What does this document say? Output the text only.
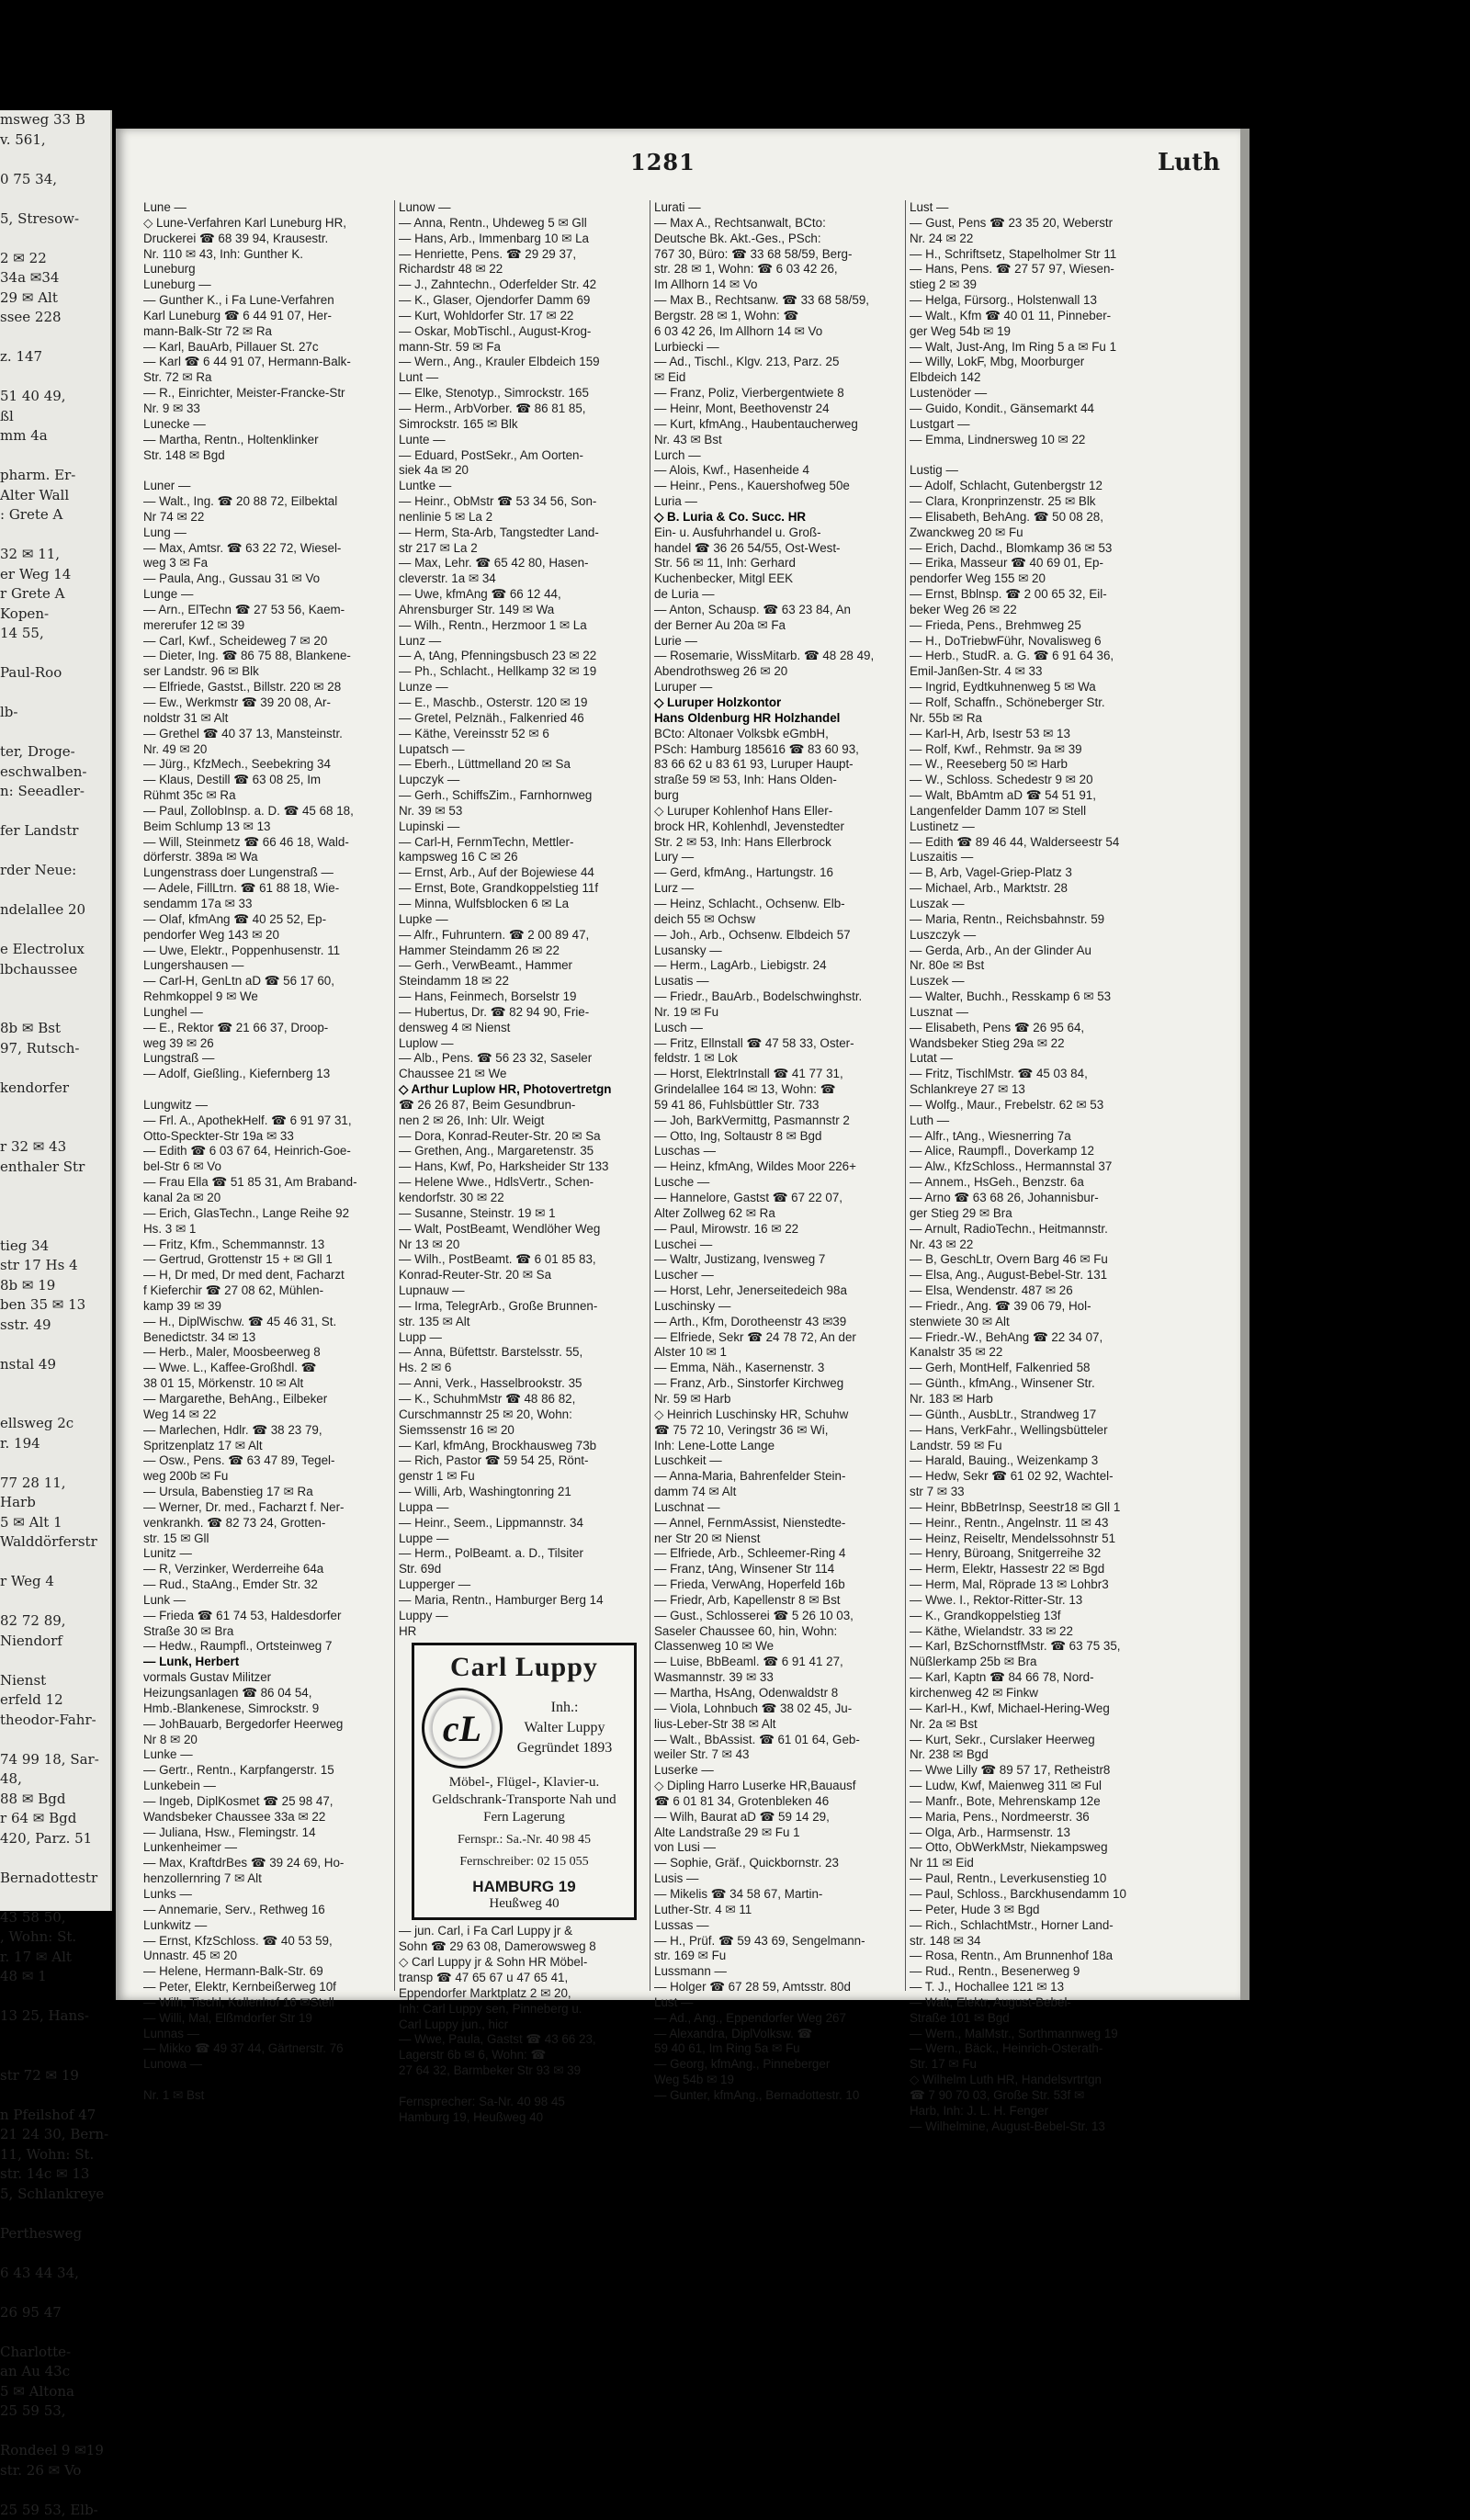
msweg 33 B
v. 561,

0 75 34,

5, Stresow-

2 ✉ 22
34a ✉34
29 ✉ Alt
ssee 228

z. 147

51 40 49,
ßl
mm 4a

pharm. Er-
Alter Wall
: Grete A

32 ✉ 11,
er Weg 14
r Grete A
Kopen-
14 55,

Paul-Roo

lb-

ter, Droge-
eschwalben-
n: Seeadler-

fer Landstr

rder Neue:

ndelallee 20

e Electrolux
lbchaussee

8b ✉ Bst
97, Rutsch-

kendorfer

r 32 ✉ 43
enthaler Str

tieg 34
str 17 Hs 4
8b ✉ 19
ben 35 ✉ 13
sstr. 49

nstal 49

ellsweg 2c
r. 194

77 28 11,
Harb
5 ✉ Alt 1
Walddörferstr

r Weg 4

82 72 89,
Niendorf

Nienst
erfeld 12
theodor-Fahr-

74 99 18, Sar-
48,
88 ✉ Bgd
r 64 ✉ Bgd
420, Parz. 51

Bernadottestr

43 58 50,
, Wohn: St.
r. 17 ✉ Alt
48 ✉ 1

13 25, Hans-

str 72 ✉ 19

n Pfeilshof 47
21 24 30, Bern-
11, Wohn: St.
str. 14c ✉ 13
5, Schlankreye

Perthesweg

6 43 44 34,

26 95 47

Charlotte-
an Au 43c
5 ✉ Altona
25 59 53,

Rondeel 9 ✉19
str. 26 ✉ Vo

25 59 53, Elb-
1281	Luth
Lune —
◇ Lune-Verfahren Karl Luneburg HR,
Druckerei ☎ 68 39 94, Krausestr.
Nr. 110 ✉ 43, Inh: Gunther K.
Luneburg
Luneburg —
— Gunther K., i Fa Lune-Verfahren
Karl Luneburg ☎ 6 44 91 07, Her-
mann-Balk-Str 72 ✉ Ra
— Karl, BauArb, Pillauer St. 27c
— Karl ☎ 6 44 91 07, Hermann-Balk-
Str. 72 ✉ Ra
— R., Einrichter, Meister-Francke-Str
Nr. 9 ✉ 33
Lunecke —
— Martha, Rentn., Holtenklinker
Str. 148 ✉ Bgd

Luner —
— Walt., Ing. ☎ 20 88 72, Eilbektal
Nr 74 ✉ 22
Lung —
— Max, Amtsr. ☎ 63 22 72, Wiesel-
weg 3 ✉ Fa
— Paula, Ang., Gussau 31 ✉ Vo
Lunge —
— Arn., ElTechn ☎ 27 53 56, Kaem-
mererufer 12 ✉ 39
— Carl, Kwf., Scheideweg 7 ✉ 20
— Dieter, Ing. ☎ 86 75 88, Blankene-
ser Landstr. 96 ✉ Blk
— Elfriede, Gastst., Billstr. 220 ✉ 28
— Ew., Werkmstr ☎ 39 20 08, Ar-
noldstr 31 ✉ Alt
— Grethel ☎ 40 37 13, Mansteinstr.
Nr. 49 ✉ 20
— Jürg., KfzMech., Seebekring 34
— Klaus, Destill ☎ 63 08 25, Im
Rühmt 35c ✉ Ra
— Paul, ZollobInsp. a. D. ☎ 45 68 18,
Beim Schlump 13 ✉ 13
— Will, Steinmetz ☎ 66 46 18, Wald-
dörferstr. 389a ✉ Wa
Lungenstrass doer Lungenstraß —
— Adele, FillLtrn. ☎ 61 88 18, Wie-
sendamm 17a ✉ 33
— Olaf, kfmAng ☎ 40 25 52, Ep-
pendorfer Weg 143 ✉ 20
— Uwe, Elektr., Poppenhusenstr. 11
Lungershausen —
— Carl-H, GenLtn aD ☎ 56 17 60,
Rehmkoppel 9 ✉ We
Lunghel —
— E., Rektor ☎ 21 66 37, Droop-
weg 39 ✉ 26
Lungstraß —
— Adolf, Gießling., Kiefernberg 13

Lungwitz —
— Frl. A., ApothekHelf. ☎ 6 91 97 31,
Otto-Speckter-Str 19a ✉ 33
— Edith ☎ 6 03 67 64, Heinrich-Goe-
bel-Str 6 ✉ Vo
— Frau Ella ☎ 51 85 31, Am Braband-
kanal 2a ✉ 20
— Erich, GlasTechn., Lange Reihe 92
Hs. 3 ✉ 1
— Fritz, Kfm., Schemmannstr. 13
— Gertrud, Grottenstr 15 + ✉ Gll 1
— H, Dr med, Dr med dent, Facharzt
f Kieferchir ☎ 27 08 62, Mühlen-
kamp 39 ✉ 39
— H., DiplWischw. ☎ 45 46 31, St.
Benedictstr. 34 ✉ 13
— Herb., Maler, Moosbeerweg 8
— Wwe. L., Kaffee-Großhdl. ☎
38 01 15, Mörkenstr. 10 ✉ Alt
— Margarethe, BehAng., Eilbeker
Weg 14 ✉ 22
— Marlechen, Hdlr. ☎ 38 23 79,
Spritzenplatz 17 ✉ Alt
— Osw., Pens. ☎ 63 47 89, Tegel-
weg 200b ✉ Fu
— Ursula, Babenstieg 17 ✉ Ra
— Werner, Dr. med., Facharzt f. Ner-
venkrankh. ☎ 82 73 24, Grotten-
str. 15 ✉ Gll
Lunitz —
— R, Verzinker, Werderreihe 64a
— Rud., StaAng., Emder Str. 32
Lunk —
— Frieda ☎ 61 74 53, Haldesdorfer
Straße 30 ✉ Bra
— Hedw., Raumpfl., Ortsteinweg 7
— Lunk, Herbert
vormals Gustav Militzer
Heizungsanlagen ☎ 86 04 54,
Hmb.-Blankenese, Simrockstr. 9
— JohBauarb, Bergedorfer Heerweg
Nr 8 ✉ 20
Lunke —
— Gertr., Rentn., Karpfangerstr. 15
Lunkebein —
— Ingeb, DiplKosmet ☎ 25 98 47,
Wandsbeker Chaussee 33a ✉ 22
— Juliana, Hsw., Flemingstr. 14
Lunkenheimer —
— Max, KraftdrBes ☎ 39 24 69, Ho-
henzollernring 7 ✉ Alt
Lunks —
— Annemarie, Serv., Rethweg 16
Lunkwitz —
— Ernst, KfzSchloss. ☎ 40 53 59,
Unnastr. 45 ✉ 20
— Helene, Hermann-Balk-Str. 69
— Peter, Elektr, Kernbeißerweg 10f
— Wilh, Tischl, Kollenhof 16 ✉Stell
— Willi, Mal, Elßmdorfer Str 19
Lunnas —
— Mikko ☎ 49 37 44, Gärtnerstr. 76
Lunowa —
— Valentin, Klempn., Danckwerthweg
Nr. 1 ✉ Bst
Lunow —
— Anna, Rentn., Uhdeweg 5 ✉ Gll
— Hans, Arb., Immenbarg 10 ✉ La
— Henriette, Pens. ☎ 29 29 37,
Richardstr 48 ✉ 22
— J., Zahntechn., Oderfelder Str. 42
— K., Glaser, Ojendorfer Damm 69
— Kurt, Wohldorfer Str. 17 ✉ 22
— Oskar, MobTischl., August-Krog-
mann-Str. 59 ✉ Fa
— Wern., Ang., Krauler Elbdeich 159
Lunt —
— Elke, Stenotyp., Simrockstr. 165
— Herm., ArbVorber. ☎ 86 81 85,
Simrockstr. 165 ✉ Blk
Lunte —
— Eduard, PostSekr., Am Oorten-
siek 4a ✉ 20
Luntke —
— Heinr., ObMstr ☎ 53 34 56, Son-
nenlinie 5 ✉ La 2
— Herm, Sta-Arb, Tangstedter Land-
str 217 ✉ La 2
— Max, Lehr. ☎ 65 42 80, Hasen-
cleverstr. 1a ✉ 34
— Uwe, kfmAng ☎ 66 12 44,
Ahrensburger Str. 149 ✉ Wa
— Wilh., Rentn., Herzmoor 1 ✉ La
Lunz —
— A, tAng, Pfenningsbusch 23 ✉ 22
— Ph., Schlacht., Hellkamp 32 ✉ 19
Lunze —
— E., Maschb., Osterstr. 120 ✉ 19
— Gretel, Pelznäh., Falkenried 46
— Käthe, Vereinsstr 52 ✉ 6
Lupatsch —
— Eberh., Lüttmelland 20 ✉ Sa
Lupczyk —
— Gerh., SchiffsZim., Farnhornweg
Nr. 39 ✉ 53
Lupinski —
— Carl-H, FernmTechn, Mettler-
kampsweg 16 C ✉ 26
— Ernst, Arb., Auf der Bojewiese 44
— Ernst, Bote, Grandkoppelstieg 11f
— Minna, Wulfsblocken 6 ✉ La
Lupke —
— Alfr., Fuhruntern. ☎ 2 00 89 47,
Hammer Steindamm 26 ✉ 22
— Gerh., VerwBeamt., Hammer
Steindamm 18 ✉ 22
— Hans, Feinmech, Borselstr 19
— Hubertus, Dr. ☎ 82 94 90, Frie-
densweg 4 ✉ Nienst
Luplow —
— Alb., Pens. ☎ 56 23 32, Saseler
Chaussee 21 ✉ We
◇ Arthur Luplow HR, Photovertretgn
☎ 26 26 87, Beim Gesundbrun-
nen 2 ✉ 26, Inh: Ulr. Weigt
— Dora, Konrad-Reuter-Str. 20 ✉ Sa
— Grethen, Ang., Margaretenstr. 35
— Hans, Kwf, Po, Harksheider Str 133
— Helene Wwe., HdlsVertr., Schen-
kendorfstr. 30 ✉ 22
— Susanne, Steinstr. 19 ✉ 1
— Walt, PostBeamt, Wendlöher Weg
Nr 13 ✉ 20
— Wilh., PostBeamt. ☎ 6 01 85 83,
Konrad-Reuter-Str. 20 ✉ Sa
Lupnauw —
— Irma, TelegrArb., Große Brunnen-
str. 135 ✉ Alt
Lupp —
— Anna, Büfettstr. Barstelsstr. 55,
Hs. 2 ✉ 6
— Anni, Verk., Hasselbrookstr. 35
— K., SchuhmMstr ☎ 48 86 82,
Curschmannstr 25 ✉ 20, Wohn:
Siemssenstr 16 ✉ 20
— Karl, kfmAng, Brockhausweg 73b
— Rich, Pastor ☎ 59 54 25, Rönt-
genstr 1 ✉ Fu
— Willi, Arb, Washingtonring 21
Luppa —
— Heinr., Seem., Lippmannstr. 34
Luppe —
— Herm., PolBeamt. a. D., Tilsiter
Str. 69d
Lupperger —
— Maria, Rentn., Hamburger Berg 14
Luppy —
HR
Carl Luppy
cL	Inh.:
Walter Luppy
Gegründet 1893
Möbel-, Flügel-, Klavier-u. Geldschrank-Transporte Nah und Fern Lagerung
Fernspr.: Sa.-Nr. 40 98 45
Fernschreiber: 02 15 055
HAMBURG 19
Heußweg 40
— jun. Carl, i Fa Carl Luppy jr &
Sohn ☎ 29 63 08, Damerowsweg 8
◇ Carl Luppy jr & Sohn HR Möbel-
transp ☎ 47 65 67 u 47 65 41,
Eppendorfer Marktplatz 2 ✉ 20,
Inh: Carl Luppy sen, Pinneberg u.
Carl Luppy jun., hicr
— Wwe, Paula, Gastst ☎ 43 66 23,
Lagerstr 6b ✉ 6, Wohn: ☎
27 64 32, Barmbeker Str 93 ✉ 39
— Luppy, Walter, i. Fa. Carl Luppy,
Fernsprecher: Sa-Nr. 40 98 45
Hamburg 19, Heußweg 40
Lurati —
— Max A., Rechtsanwalt, BCto:
Deutsche Bk. Akt.-Ges., PSch:
767 30, Büro: ☎ 33 68 58/59, Berg-
str. 28 ✉ 1, Wohn: ☎ 6 03 42 26,
Im Allhorn 14 ✉ Vo
— Max B., Rechtsanw. ☎ 33 68 58/59,
Bergstr. 28 ✉ 1, Wohn: ☎
6 03 42 26, Im Allhorn 14 ✉ Vo
Lurbiecki —
— Ad., Tischl., Klgv. 213, Parz. 25
✉ Eid
— Franz, Poliz, Vierbergentwiete 8
— Heinr, Mont, Beethovenstr 24
— Kurt, kfmAng., Haubentaucherweg
Nr. 43 ✉ Bst
Lurch —
— Alois, Kwf., Hasenheide 4
— Heinr., Pens., Kauershofweg 50e
Luria —
◇ B. Luria & Co. Succ. HR
Ein- u. Ausfuhrhandel u. Groß-
handel ☎ 36 26 54/55, Ost-West-
Str. 56 ✉ 11, Inh: Gerhard
Kuchenbecker, Mitgl EEK
de Luria —
— Anton, Schausp. ☎ 63 23 84, An
der Berner Au 20a ✉ Fa
Lurie —
— Rosemarie, WissMitarb. ☎ 48 28 49,
Abendrothsweg 26 ✉ 20
Luruper —
◇ Luruper Holzkontor
Hans Oldenburg HR Holzhandel
BCto: Altonaer Volksbk eGmbH,
PSch: Hamburg 185616 ☎ 83 60 93,
83 66 62 u 83 61 93, Luruper Haupt-
straße 59 ✉ 53, Inh: Hans Olden-
burg
◇ Luruper Kohlenhof Hans Eller-
brock HR, Kohlenhdl, Jevenstedter
Str. 2 ✉ 53, Inh: Hans Ellerbrock
Lury —
— Gerd, kfmAng., Hartungstr. 16
Lurz —
— Heinz, Schlacht., Ochsenw. Elb-
deich 55 ✉ Ochsw
— Joh., Arb., Ochsenw. Elbdeich 57
Lusansky —
— Herm., LagArb., Liebigstr. 24
Lusatis —
— Friedr., BauArb., Bodelschwinghstr.
Nr. 19 ✉ Fu
Lusch —
— Fritz, Ellnstall ☎ 47 58 33, Oster-
feldstr. 1 ✉ Lok
— Horst, ElektrInstall ☎ 41 77 31,
Grindelallee 164 ✉ 13, Wohn: ☎
59 41 86, Fuhlsbüttler Str. 733
— Joh, BarkVermittg, Pasmannstr 2
— Otto, Ing, Soltaustr 8 ✉ Bgd
Luschas —
— Heinz, kfmAng, Wildes Moor 226+
Lusche —
— Hannelore, Gastst ☎ 67 22 07,
Alter Zollweg 62 ✉ Ra
— Paul, Mirowstr. 16 ✉ 22
Luschei —
— Waltr, Justizang, Ivensweg 7
Luscher —
— Horst, Lehr, Jenerseitedeich 98a
Luschinsky —
— Arth., Kfm, Dorotheenstr 43 ✉39
— Elfriede, Sekr ☎ 24 78 72, An der
Alster 10 ✉ 1
— Emma, Näh., Kasernenstr. 3
— Franz, Arb., Sinstorfer Kirchweg
Nr. 59 ✉ Harb
◇ Heinrich Luschinsky HR, Schuhw
☎ 75 72 10, Veringstr 36 ✉ Wi,
Inh: Lene-Lotte Lange
Luschkeit —
— Anna-Maria, Bahrenfelder Stein-
damm 74 ✉ Alt
Luschnat —
— Annel, FernmAssist, Nienstedte-
ner Str 20 ✉ Nienst
— Elfriede, Arb., Schleemer-Ring 4
— Franz, tAng, Winsener Str 114
— Frieda, VerwAng, Hoperfeld 16b
— Friedr, Arb, Kapellenstr 8 ✉ Bst
— Gust., Schlosserei ☎ 5 26 10 03,
Saseler Chaussee 60, hin, Wohn:
Classenweg 10 ✉ We
— Luise, BbBeaml. ☎ 6 91 41 27,
Wasmannstr. 39 ✉ 33
— Martha, HsAng, Odenwaldstr 8
— Viola, Lohnbuch ☎ 38 02 45, Ju-
lius-Leber-Str 38 ✉ Alt
— Walt., BbAssist. ☎ 61 01 64, Geb-
weiler Str. 7 ✉ 43
Luserke —
◇ Dipling Harro Luserke HR,Bauausf
☎ 6 01 81 34, Grotenbleken 46
— Wilh, Baurat aD ☎ 59 14 29,
Alte Landstraße 29 ✉ Fu 1
von Lusi —
— Sophie, Gräf., Quickbornstr. 23
Lusis —
— Mikelis ☎ 34 58 67, Martin-
Luther-Str. 4 ✉ 11
Lussas —
— H., Prüf. ☎ 59 43 69, Sengelmann-
str. 169 ✉ Fu
Lussmann —
— Holger ☎ 67 28 59, Amtsstr. 80d
Lust —
— Ad., Ang., Eppendorfer Weg 267
— Alexandra, DiplVolksw. ☎
59 40 61, Im Ring 5a ✉ Fu
— Georg, kfmAng., Pinneberger
Weg 54b ✉ 19
— Gunter, kfmAng., Bernadottestr. 10
Lust —
— Gust, Pens ☎ 23 35 20, Weberstr
Nr. 24 ✉ 22
— H., Schriftsetz, Stapelholmer Str 11
— Hans, Pens. ☎ 27 57 97, Wiesen-
stieg 2 ✉ 39
— Helga, Fürsorg., Holstenwall 13
— Walt., Kfm ☎ 40 01 11, Pinneber-
ger Weg 54b ✉ 19
— Walt, Just-Ang, Im Ring 5 a ✉ Fu 1
— Willy, LokF, Mbg, Moorburger
Elbdeich 142
Lustenöder —
— Guido, Kondit., Gänsemarkt 44
Lustgart —
— Emma, Lindnersweg 10 ✉ 22

Lustig —
— Adolf, Schlacht, Gutenbergstr 12
— Clara, Kronprinzenstr. 25 ✉ Blk
— Elisabeth, BehAng. ☎ 50 08 28,
Zwanckweg 20 ✉ Fu
— Erich, Dachd., Blomkamp 36 ✉ 53
— Erika, Masseur ☎ 40 69 01, Ep-
pendorfer Weg 155 ✉ 20
— Ernst, Bblnsp. ☎ 2 00 65 32, Eil-
beker Weg 26 ✉ 22
— Frieda, Pens., Brehmweg 25
— H., DoTriebwFühr, Novalisweg 6
— Herb., StudR. a. G. ☎ 6 91 64 36,
Emil-Janßen-Str. 4 ✉ 33
— Ingrid, Eydtkuhnenweg 5 ✉ Wa
— Rolf, Schaffn., Schöneberger Str.
Nr. 55b ✉ Ra
— Karl-H, Arb, Isestr 53 ✉ 13
— Rolf, Kwf., Rehmstr. 9a ✉ 39
— W., Reeseberg 50 ✉ Harb
— W., Schloss. Schedestr 9 ✉ 20
— Walt, BbAmtm aD ☎ 54 51 91,
Langenfelder Damm 107 ✉ Stell
Lustinetz —
— Edith ☎ 89 46 44, Walderseestr 54
Luszaitis —
— B, Arb, Vagel-Griep-Platz 3
— Michael, Arb., Marktstr. 28
Luszak —
— Maria, Rentn., Reichsbahnstr. 59
Luszczyk —
— Gerda, Arb., An der Glinder Au
Nr. 80e ✉ Bst
Luszek —
— Walter, Buchh., Resskamp 6 ✉ 53
Lusznat —
— Elisabeth, Pens ☎ 26 95 64,
Wandsbeker Stieg 29a ✉ 22
Lutat —
— Fritz, TischlMstr. ☎ 45 03 84,
Schlankreye 27 ✉ 13
— Wolfg., Maur., Frebelstr. 62 ✉ 53
Luth —
— Alfr., tAng., Wiesnerring 7a
— Alice, Raumpfl., Doverkamp 12
— Alw., KfzSchloss., Hermannstal 37
— Annem., HsGeh., Benzstr. 6a
— Arno ☎ 63 68 26, Johannisbur-
ger Stieg 29 ✉ Bra
— Arnult, RadioTechn., Heitmannstr.
Nr. 43 ✉ 22
— B, GeschLtr, Overn Barg 46 ✉ Fu
— Elsa, Ang., August-Bebel-Str. 131
— Elsa, Wendenstr. 487 ✉ 26
— Friedr., Ang. ☎ 39 06 79, Hol-
stenwiete 30 ✉ Alt
— Friedr.-W., BehAng ☎ 22 34 07,
Kanalstr 35 ✉ 22
— Gerh, MontHelf, Falkenried 58
— Günth., kfmAng., Winsener Str.
Nr. 183 ✉ Harb
— Günth., AusbLtr., Strandweg 17
— Hans, VerkFahr., Wellingsbütteler
Landstr. 59 ✉ Fu
— Harald, Bauing., Weizenkamp 3
— Hedw, Sekr ☎ 61 02 92, Wachtel-
str 7 ✉ 33
— Heinr, BbBetrInsp, Seestr18 ✉ Gll 1
— Heinr., Rentn., Angelnstr. 11 ✉ 43
— Heinz, Reiseltr, Mendelssohnstr 51
— Henry, Büroang, Snitgerreihe 32
— Herm, Elektr, Hassestr 22 ✉ Bgd
— Herm, Mal, Röprade 13 ✉ Lohbr3
— Wwe. I., Rektor-Ritter-Str. 13
— K., Grandkoppelstieg 13f
— Käthe, Wielandstr. 33 ✉ 22
— Karl, BzSchornstfMstr. ☎ 63 75 35,
Nüßlerkamp 25b ✉ Bra
— Karl, Kaptn ☎ 84 66 78, Nord-
kirchenweg 42 ✉ Finkw
— Karl-H., Kwf, Michael-Hering-Weg
Nr. 2a ✉ Bst
— Kurt, Sekr., Curslaker Heerweg
Nr. 238 ✉ Bgd
— Wwe Lilly ☎ 89 57 17, Retheistr8
— Ludw, Kwf, Maienweg 311 ✉ Ful
— Manfr., Bote, Mehrenskamp 12e
— Maria, Pens., Nordmeerstr. 36
— Olga, Arb., Harmsenstr. 13
— Otto, ObWerkMstr, Niekampsweg
Nr 11 ✉ Eid
— Paul, Rentn., Leverkusenstieg 10
— Paul, Schloss., Barckhusendamm 10
— Peter, Hude 3 ✉ Bgd
— Rich., SchlachtMstr., Horner Land-
str. 148 ✉ 34
— Rosa, Rentn., Am Brunnenhof 18a
— Rud., Rentn., Besenerweg 9
— T. J., Hochallee 121 ✉ 13
— Walt, Elektr, August-Bebel-
Straße 101 ✉ Bgd
— Wern., MalMstr., Sorthmannweg 19
— Wern., Bäck., Heinrich-Osterath-
Str. 17 ✉ Fu
◇ Wilhelm Luth HR, Handelsvrtrtgn
☎ 7 90 70 03, Große Str. 53f ✉
Harb, Inh: J. L. H. Fenger
— Wilhelmine, August-Bebel-Str. 13
